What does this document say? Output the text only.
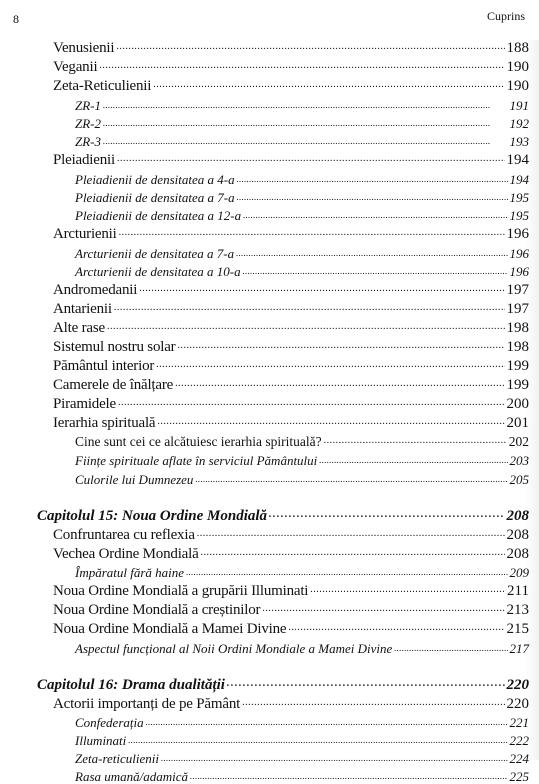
8	Cuprins
Venusienii . . .	188
Veganii . . .	190
Zeta-Reticulienii . . .	190
ZR-1 . . .	191
ZR-2 . . .	192
ZR-3 . . .	193
Pleiadienii . . .	194
Pleiadienii de densitatea a 4-a . . .	194
Pleiadienii de densitatea a 7-a . . .	195
Pleiadienii de densitatea a 12-a . . .	195
Arcturienii . . .	196
Arcturienii de densitatea a 7-a . . .	196
Arcturienii de densitatea a 10-a . . .	196
Andromedanii . . .	197
Antarienii . . .	197
Alte rase . . .	198
Sistemul nostru solar . . .	198
Pământul interior . . .	199
Camerele de înălțare . . .	199
Piramidele . . .	200
Ierarhia spirituală . . .	201
Cine sunt cei ce alcătuiesc ierarhia spirituală? . . .	202
Ființe spirituale aflate în serviciul Pământului . . .	203
Culorile lui Dumnezeu . . .	205
Capitolul 15: Noua Ordine Mondială . . .	208
Confruntarea cu reflexia . . .	208
Vechea Ordine Mondială . . .	208
Împăratul fără haine . . .	209
Noua Ordine Mondială a grupării Illuminati . . .	211
Noua Ordine Mondială a creștinilor . . .	213
Noua Ordine Mondială a Mamei Divine . . .	215
Aspectul funcțional al Noii Ordini Mondiale a Mamei Divine . . .	217
Capitolul 16: Drama dualității . . .	220
Actorii importanți de pe Pământ . . .	220
Confederația . . .	221
Illuminati . . .	222
Zeta-reticulienii . . .	224
Rasa umană/adamică . . .	225
